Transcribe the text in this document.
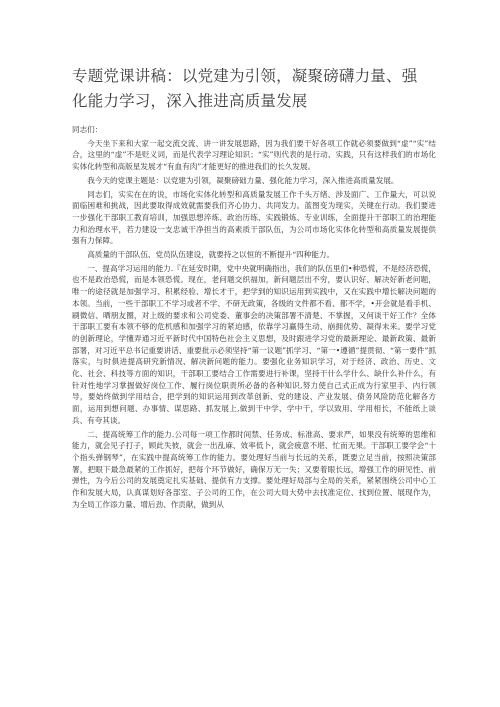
专题党课讲稿：以党建为引领，凝聚磅礴力量、强化能力学习，深入推进高质量发展

同志们：

今天坐下来和大家一起交流交流、讲一讲发展思路，因为我们要干好各项工作就必须要做到“虚”“实”结合，这里的“虚”不是贬义词，而是代表学习理论知识；“实”则代表的是行动、实践，只有这样我们的市场化实体化转型和高版星发展才“有血有肉”才能更好的推进我们的长久发展。

我今天的党课主题是：以党建为引领，凝聚磅础力量、强化能力学习，深入推进高质量发展。

同志们，实实在在的说，市场化实体化转型和高质量发展工作千头万绪、涉及面广、工作量大，可以说面临困难和挑战，因此要取得成效就需要我们齐心协力、共同发力。蓝图变为现实，关键在行动。我们要进一步强化干部职工教育培训，加强思想淬炼、政治历练、实践锻炼、专业训练，全面提升干部职工的治理能力和治理水平，若力建设一支忠诚干净担当的高素质干部队伍，为公司市场化实体化转型和高质量发展提供强有力保障。

高质量的干部队伍、党员队伍建设，就要持之以恒的不断提升“四种能力。

一、提高学习运用的能力.『在延安时期，党中央就明确指出，我们的队伍里们•种恐慌，不是经济恐慌，也不是政治恐慌，而是本领恐慌。现在，老问题交织福加，新问题层出不穷，要认识好、解决好新老问题，唯一的途径就是加强学习、积累经验、增长才干，把学到的知识运用到实践中，又在实践中增长解决问题的本领。当前，一些干部职工不学习或者不学、不研无政策，各级的文件都不看、都不学，•开会就是看手机、刷微信、晒朋友圈，对上级的要求和公司党委、董事会的决策部署不清楚、不掌握，又何谈干好工作？全体干部职工要有本领不够的危机感和加强学习的紧迫感，依靠学习赢得生动、崩拥优势、凝得未来。要学习党的创新理论，学懂弄通习近平新时代中国特色社会主义思想，及时跟进学习党的最新理论、最新政策、最新部署，对习近平总书记重要讲话、重要批示必须坚持“第一议题”抓学习、“第一•遵循”提贯彻、“第一要件”抓落实，与时俱进提高研究新情况、解决新问题的能力。要强化业务知识学习，对于经济、政治、历史、文化、社会、科技等方面的知识，干部职工要结合工作需要进行补课，坚持干什么学什么、缺什么补什么，有针对性地学习掌握做好岗位工作、履行岗位职责所必备的各种知识,努力使自己式正成为行家里手、内行领导，要始终做到学用结合，把学到的知识运用到改革创新、党的建设、产业发展、债务风险防范化解各方面，运用到想问题、办事情、谋思路、抓发展上,做到干中学、学中干，学以致用、学用相长，不能纸上谈兵、有夸其谈。

二、提高统筹工作的能力.公司每一项工作都时间禁、任务成、标准高、要求严，如果没有统筹的思维和能力，就会见子打子，顾此失彼，就会一出乱麻、效率低卜，就会疲意不堪、忙而无果。干部职工要学会“十个指头弹钢琴”，在实践中提高统筹工作的能力。要处理好当前与长远的关系，既要立足当前，按照决策部署，把眼下最急最紧的工作抓好，把每个环节做好，确保万无一失；又要着眼长远，增强工作的研见性、前弹性，为今后公司的发展奠定扎实基础、提供有力支撑。要处理好局部与全局的关系，紧紧围绕公司中心工作和发展大局，认真谋划好各部室、子公司的工作，在公司大局大势中去找准定位、找到位置、展现作为，为全局工作添力量、增后劲、作贡献，做到从
